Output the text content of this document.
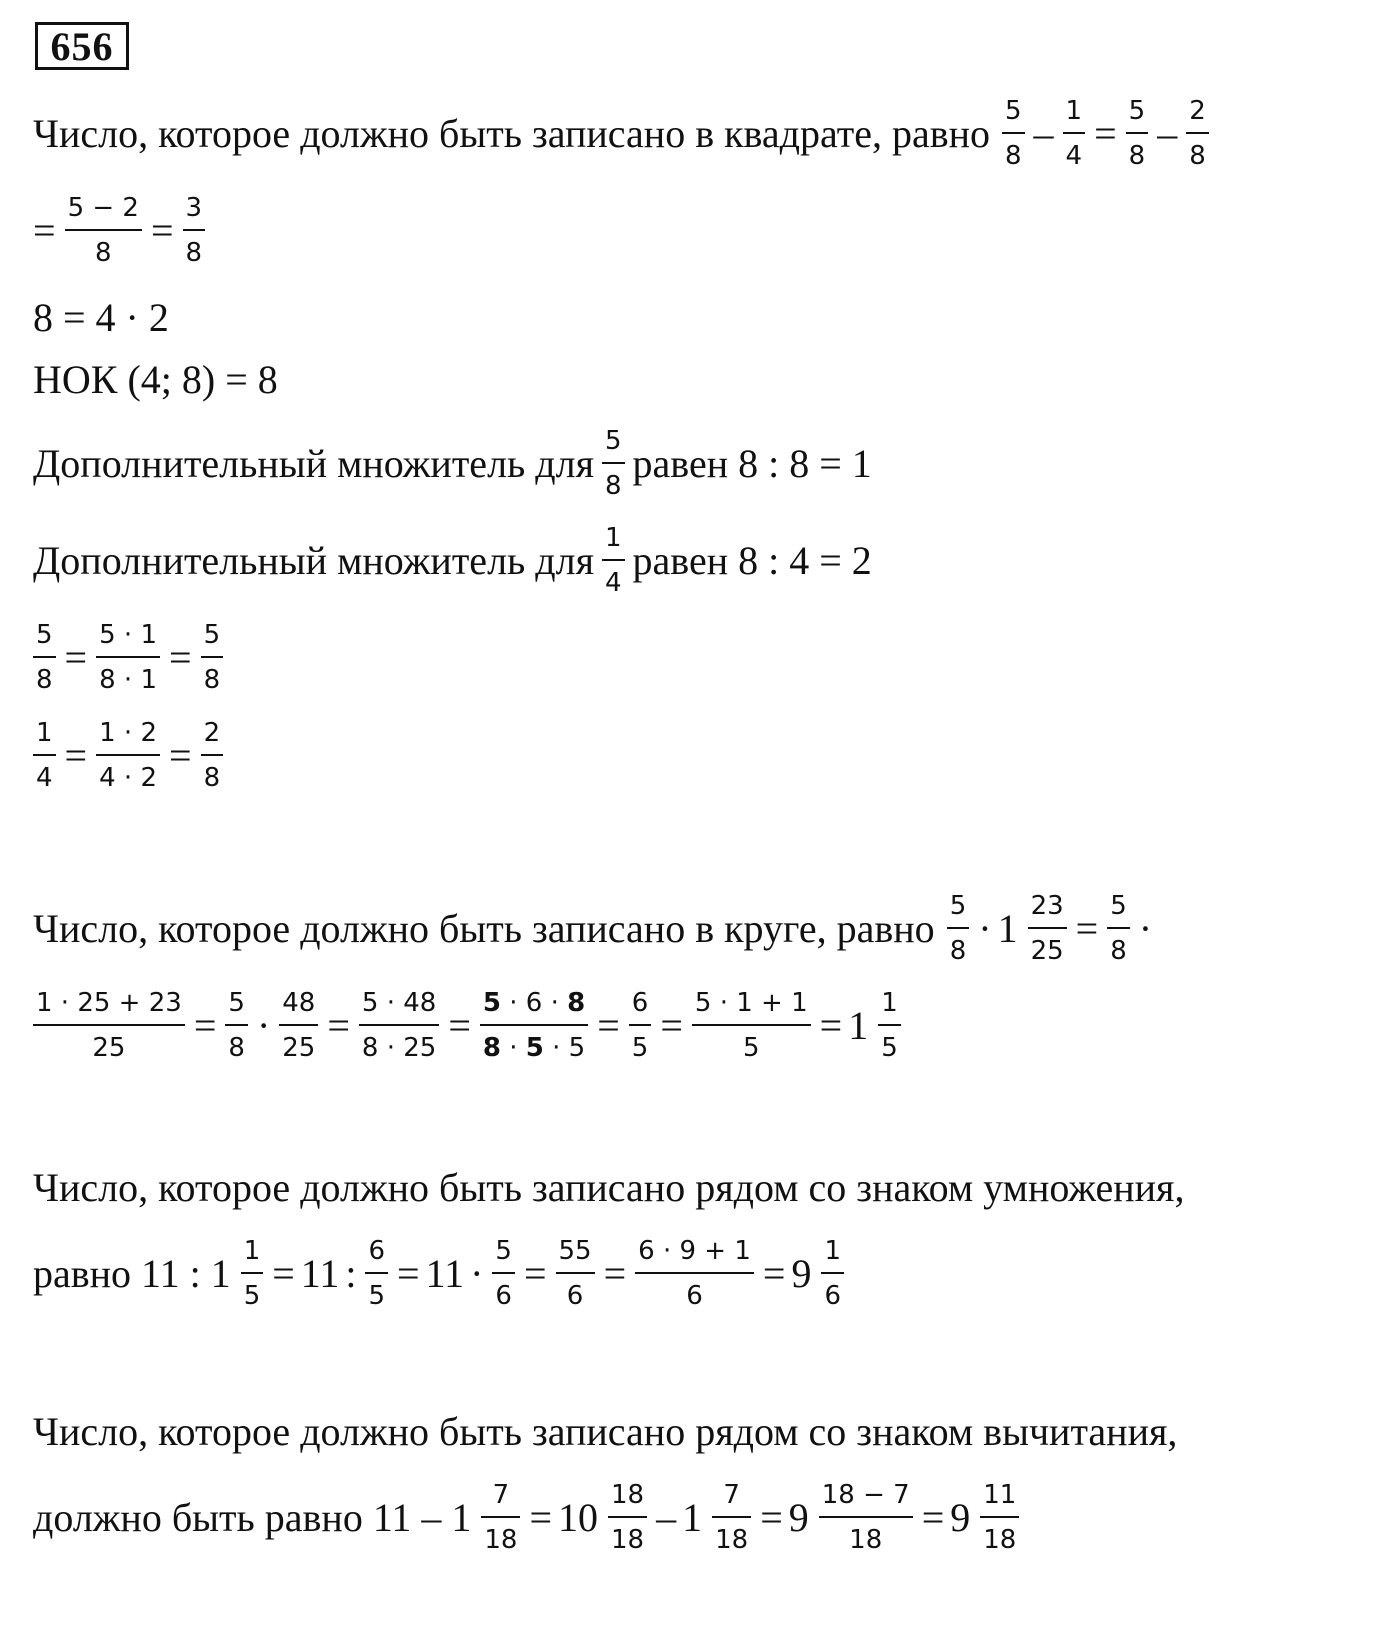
656
Число, которое должно быть записано в квадрате, равно $\frac{5}{8} - \frac{1}{4} = \frac{5}{8} - \frac{2}{8}$
= $\frac{5 - 2}{8} = \frac{3}{8}$
8 = 4 · 2
НОК (4; 8) = 8
Дополнительный множитель для $\frac{5}{8}$ равен 8 : 8 = 1
Дополнительный множитель для $\frac{1}{4}$ равен 8 : 4 = 2
$\frac{5}{8} = \frac{5 \cdot 1}{8 \cdot 1} = \frac{5}{8}$
$\frac{1}{4} = \frac{1 \cdot 2}{4 \cdot 2} = \frac{2}{8}$
Число, которое должно быть записано в круге, равно $\frac{5}{8} \cdot 1 \frac{23}{25} = \frac{5}{8}$ ·
$\frac{1 \cdot 25 + 23}{25} = \frac{5}{8} \cdot \frac{48}{25} = \frac{5 \cdot 48}{8 \cdot 25} = \frac{5 \cdot 6 \cdot 8}{8 \cdot 5 \cdot 5} = \frac{6}{5} = \frac{5 \cdot 1 + 1}{5} = 1 \frac{1}{5}$
Число, которое должно быть записано рядом со знаком умножения,
равно 11 : $1 \frac{1}{5} = 11$ : $\frac{6}{5} = 11 \cdot \frac{5}{6} = \frac{55}{6} = \frac{6 \cdot 9 + 1}{6} = 9 \frac{1}{6}$
Число, которое должно быть записано рядом со знаком вычитания,
должно быть равно $11 - 1 \frac{7}{18} = 10 \frac{18}{18} - 1 \frac{7}{18} = 9 \frac{18 - 7}{18} = 9 \frac{11}{18}$
